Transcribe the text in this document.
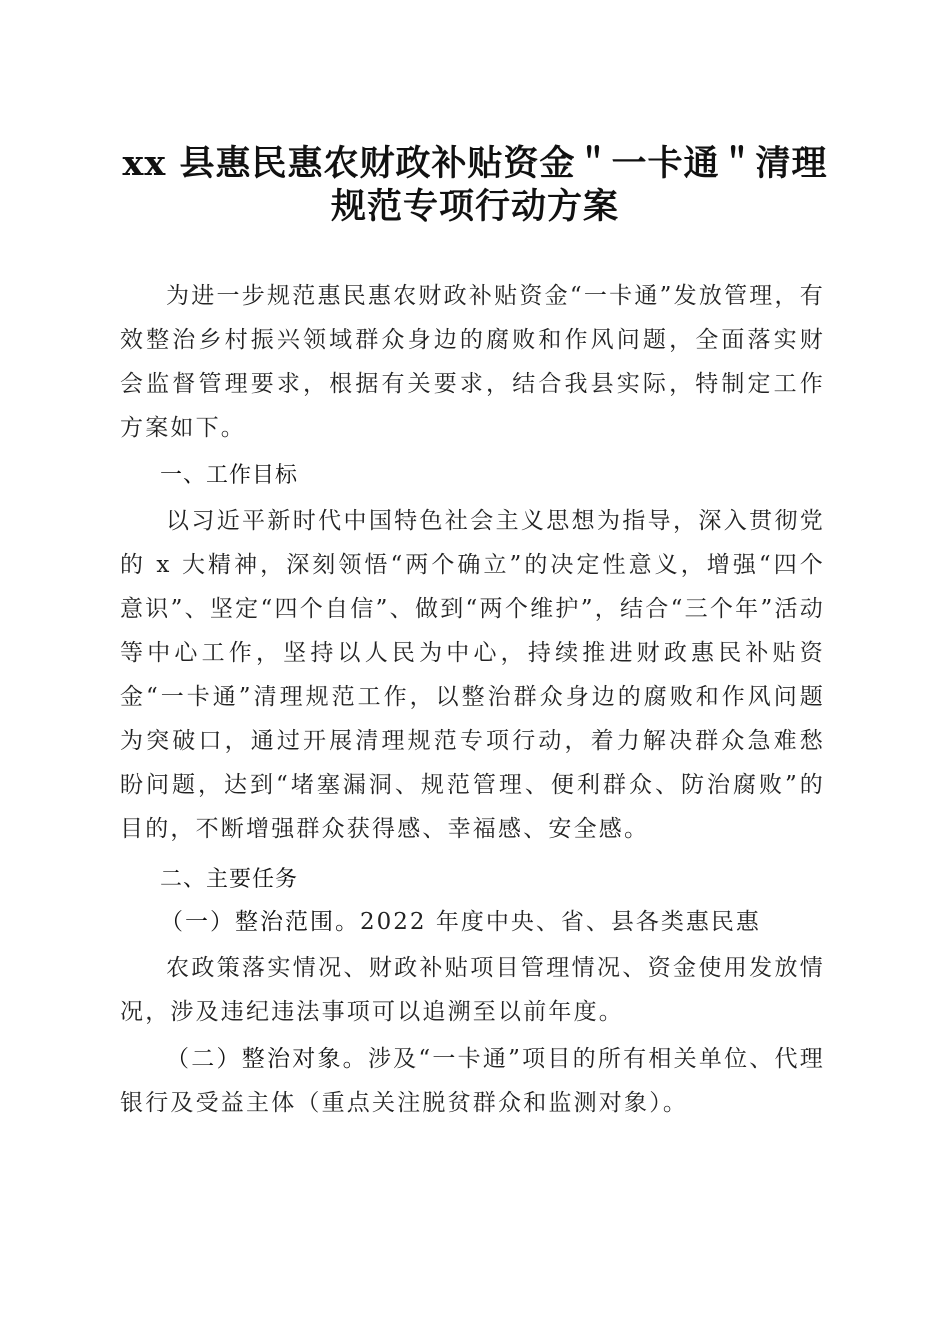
xx 县惠民惠农财政补贴资金＂一卡通＂清理
规范专项行动方案

为进一步规范惠民惠农财政补贴资金“一卡通”发放管理，有效整治乡村振兴领域群众身边的腐败和作风问题，全面落实财会监督管理要求，根据有关要求，结合我县实际，特制定工作方案如下。

一、工作目标

以习近平新时代中国特色社会主义思想为指导，深入贯彻党的 x 大精神，深刻领悟“两个确立”的决定性意义，增强“四个意识”、坚定“四个自信”、做到“两个维护”，结合“三个年”活动等中心工作，坚持以人民为中心，持续推进财政惠民补贴资金“一卡通”清理规范工作，以整治群众身边的腐败和作风问题为突破口，通过开展清理规范专项行动，着力解决群众急难愁盼问题，达到“堵塞漏洞、规范管理、便利群众、防治腐败”的目的，不断增强群众获得感、幸福感、安全感。

二、主要任务

（一）整治范围。2022 年度中央、省、县各类惠民惠

农政策落实情况、财政补贴项目管理情况、资金使用发放情况，涉及违纪违法事项可以追溯至以前年度。

（二）整治对象。涉及“一卡通”项目的所有相关单位、代理银行及受益主体（重点关注脱贫群众和监测对象）。
